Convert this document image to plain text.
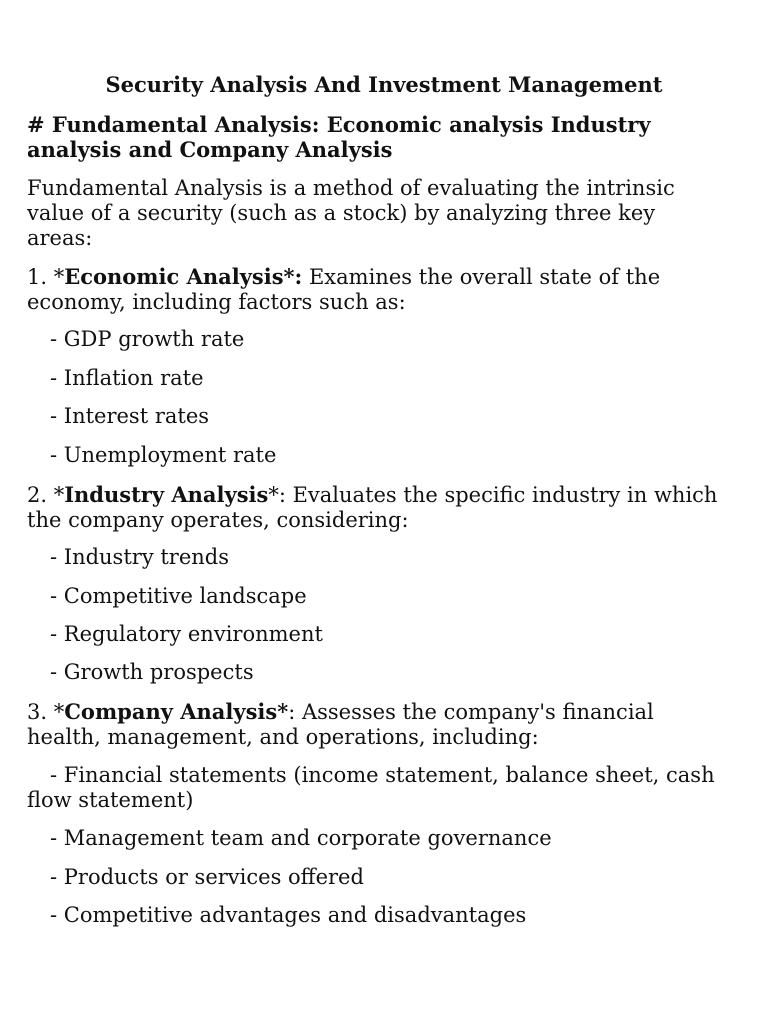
Security Analysis And Investment Management

# Fundamental Analysis: Economic analysis Industry analysis and Company Analysis

Fundamental Analysis is a method of evaluating the intrinsic value of a security (such as a stock) by analyzing three key areas:

1. *Economic Analysis*: Examines the overall state of the economy, including factors such as:

- GDP growth rate

- Inflation rate

- Interest rates

- Unemployment rate

2. *Industry Analysis*: Evaluates the specific industry in which the company operates, considering:

- Industry trends

- Competitive landscape

- Regulatory environment

- Growth prospects

3. *Company Analysis*: Assesses the company's financial health, management, and operations, including:

- Financial statements (income statement, balance sheet, cash flow statement)

- Management team and corporate governance

- Products or services offered

- Competitive advantages and disadvantages
